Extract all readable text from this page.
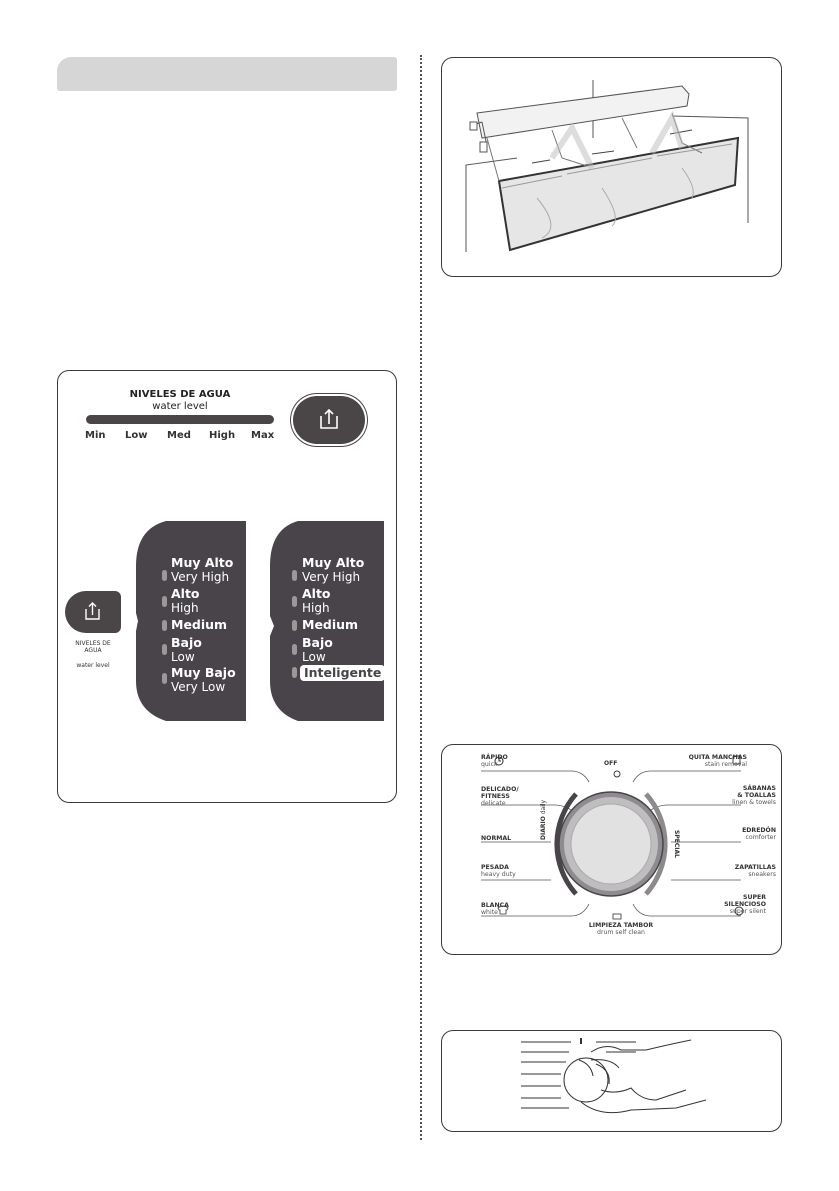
NIVELES DE AGUA
water level
Min Low Med High Max
NIVELES DE AGUA
water level
Muy Alto
Very High
Alto
High
Medium
Bajo
Low
Muy Bajo
Very Low
Muy Alto
Very High
Alto
High
Medium
Bajo
Low
Inteligente
OFF
DIARIO daily
SPECIAL
RÁPIDO
quick
DELICADO/
FITNESS
delicate
NORMAL
PESADA
heavy duty
BLANCA
white
QUITA MANCHAS
stain removal
SÁBANAS
& TOALLAS
linen & towels
EDREDÓN
comforter
ZAPATILLAS
sneakers
SUPER
SILENCIOSO
super silent
LIMPIEZA TAMBOR
drum self clean
